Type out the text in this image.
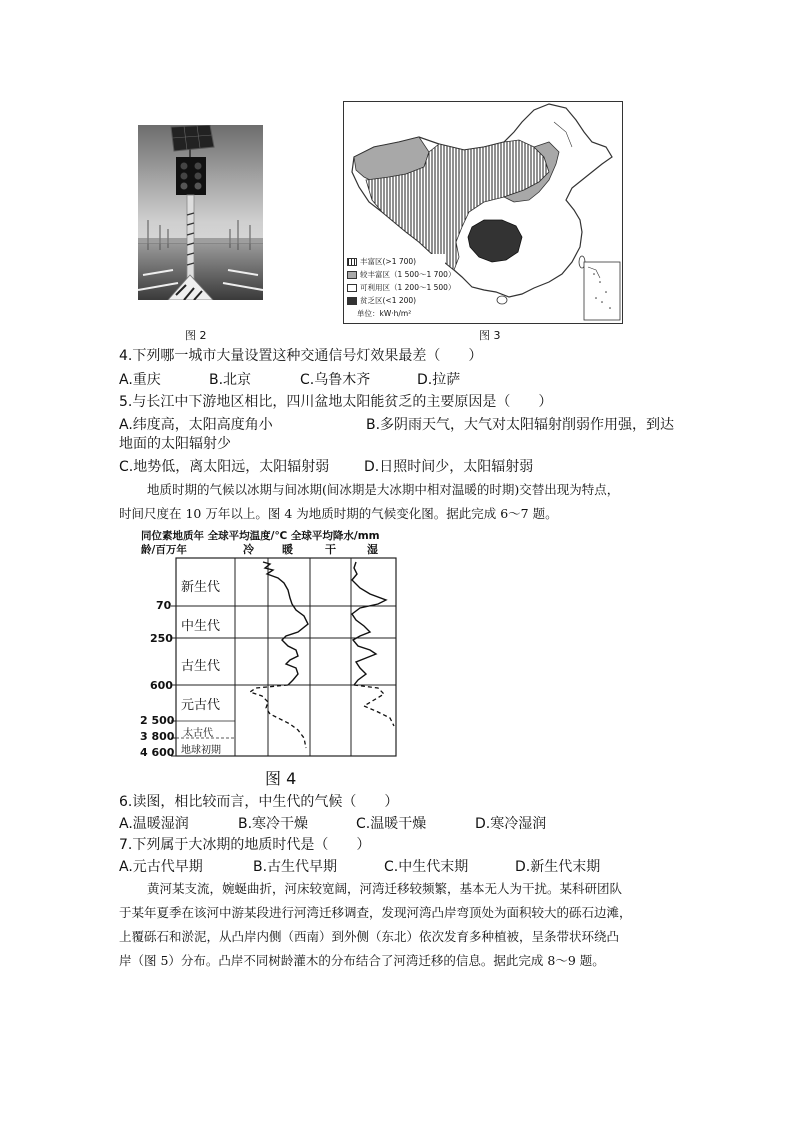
图 2
丰富区(>1 700)
较丰富区（1 500～1 700）
可利用区（1 200～1 500）
贫乏区(<1 200)
单位：kW·h/m²
图 3
4.下列哪一城市大量设置这种交通信号灯效果最差（　　）
A.重庆	B.北京	C.乌鲁木齐	D.拉萨
5.与长江中下游地区相比，四川盆地太阳能贫乏的主要原因是（　　）
A.纬度高，太阳高度角小	B.多阴雨天气，大气对太阳辐射削弱作用强，到达
地面的太阳辐射少
C.地势低，离太阳远，太阳辐射弱 D.日照时间少，太阳辐射弱
地质时期的气候以冰期与间冰期(间冰期是大冰期中相对温暖的时期)交替出现为特点，
时间尺度在 10 万年以上。图 4 为地质时期的气候变化图。据此完成 6～7 题。
同位素地质年 全球平均温度/℃ 全球平均降水/mm
龄/百万年	冷	暖	干	湿
新生代
中生代
古生代
元古代
太古代
地球初期
70
250
600
2 500
3 800
4 600
图 4
6.读图，相比较而言，中生代的气候（　　）
A.温暖湿润	B.寒冷干燥	C.温暖干燥	D.寒冷湿润
7.下列属于大冰期的地质时代是（　　）
A.元古代早期	B.古生代早期	C.中生代末期	D.新生代末期
黄河某支流，婉蜒曲折，河床较宽阔，河湾迁移较频繁，基本无人为干扰。某科研团队
于某年夏季在该河中游某段进行河湾迁移调查，发现河湾凸岸弯顶处为面积较大的砾石边滩，
上覆砾石和淤泥，从凸岸内侧（西南）到外侧（东北）依次发育多种植被，呈条带状环绕凸
岸（图 5）分布。凸岸不同树龄灌木的分布结合了河湾迁移的信息。据此完成 8～9 题。
